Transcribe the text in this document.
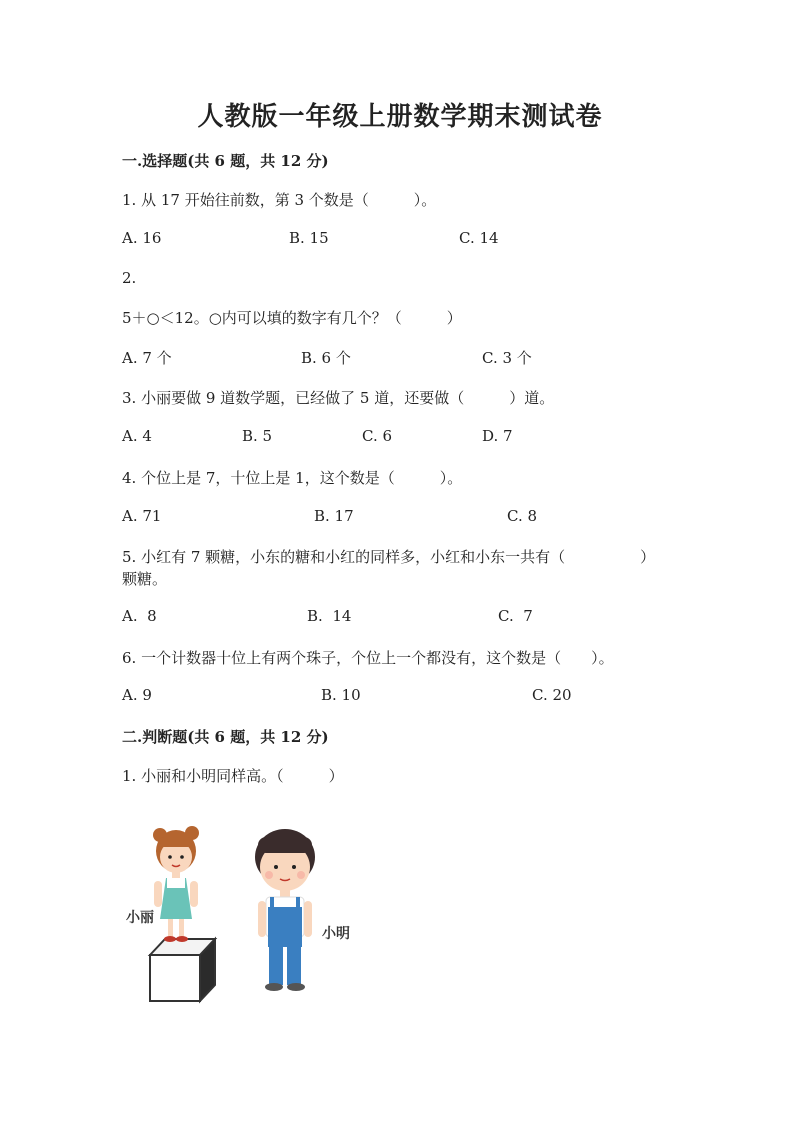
人教版一年级上册数学期末测试卷
一.选择题(共 6 题，共 12 分)
1. 从 17 开始往前数，第 3 个数是（　　　）。
A. 16	B. 15	C. 14
2.
5＋○＜12。○内可以填的数字有几个？（　　　）
A. 7 个	B. 6 个	C. 3 个
3. 小丽要做 9 道数学题，已经做了 5 道，还要做（　　　）道。
A. 4	B. 5	C. 6	D. 7
4. 个位上是 7，十位上是 1，这个数是（　　　）。
A. 71	B. 17	C. 8
5. 小红有 7 颗糖，小东的糖和小红的同样多，小红和小东一共有（　　　　　）
颗糖。
A.  8	B.  14	C.  7
6. 一个计数器十位上有两个珠子，个位上一个都没有，这个数是（　　）。
A. 9	B. 10	C. 20
二.判断题(共 6 题，共 12 分)
1. 小丽和小明同样高。（　　　）
小丽
小明
